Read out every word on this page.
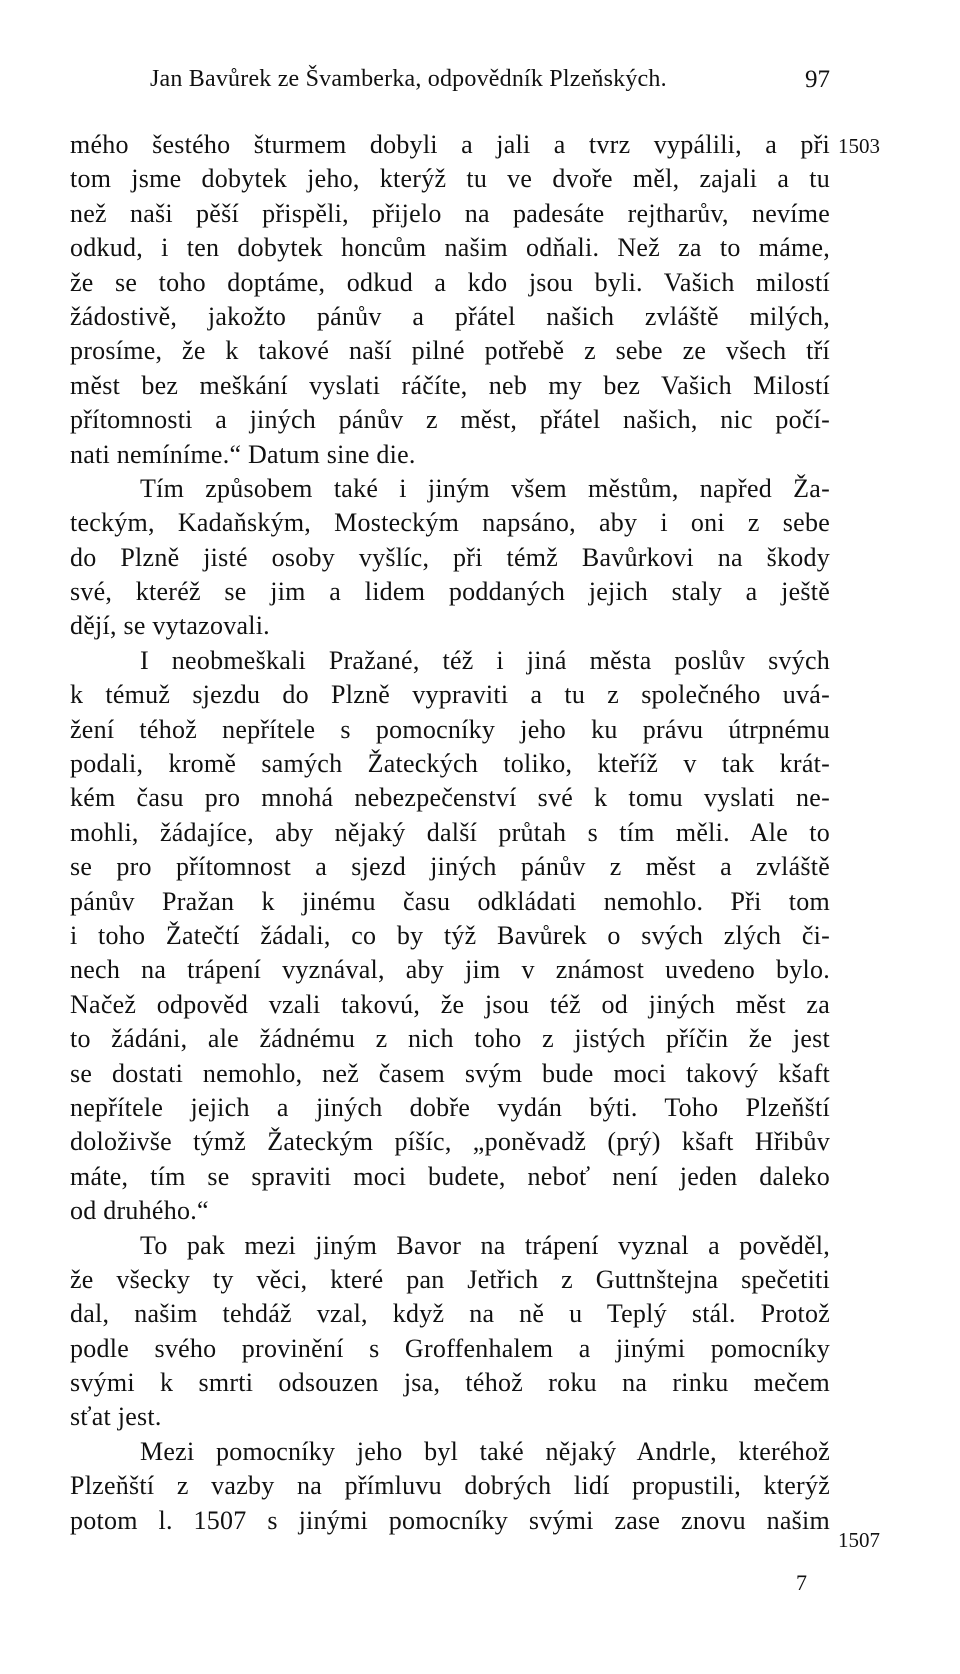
Jan Bavůrek ze Švamberka, odpovědník Plzeňských.	97
1503
mého šestého šturmem dobyli a jali a tvrz vypálili, a při
tom jsme dobytek jeho, kterýž tu ve dvoře měl, zajali a tu
než naši pěší přispěli, přijelo na padesáte rejtharův, nevíme
odkud, i ten dobytek honcům našim odňali. Než za to máme,
že se toho doptáme, odkud a kdo jsou byli. Vašich milostí
žádostivě, jakožto pánův a přátel našich zvláště milých,
prosíme, že k takové naší pilné potřebě z sebe ze všech tří
měst bez meškání vyslati ráčíte, neb my bez Vašich Milostí
přítomnosti a jiných pánův z měst, přátel našich, nic počí-
nati nemíníme.“ Datum sine die.
Tím způsobem také i jiným všem městům, napřed Ža-
teckým, Kadaňským, Mosteckým napsáno, aby i oni z sebe
do Plzně jisté osoby vyšlíc, při témž Bavůrkovi na škody
své, kteréž se jim a lidem poddaných jejich staly a ještě
dějí, se vytazovali.
I neobmeškali Pražané, též i jiná města poslův svých
k témuž sjezdu do Plzně vypraviti a tu z společného uvá-
žení téhož nepřítele s pomocníky jeho ku právu útrpnému
podali, kromě samých Žateckých toliko, kteříž v tak krát-
kém času pro mnohá nebezpečenství své k tomu vyslati ne-
mohli, žádajíce, aby nějaký další průtah s tím měli. Ale to
se pro přítomnost a sjezd jiných pánův z měst a zvláště
pánův Pražan k jinému času odkládati nemohlo. Při tom
i toho Žatečtí žádali, co by týž Bavůrek o svých zlých či-
nech na trápení vyznával, aby jim v známost uvedeno bylo.
Načež odpověd vzali takovú, že jsou též od jiných měst za
to žádáni, ale žádnému z nich toho z jistých příčin že jest
se dostati nemohlo, než časem svým bude moci takový kšaft
nepřítele jejich a jiných dobře vydán býti. Toho Plzeňští
doloživše týmž Žateckým píšíc, „poněvadž (prý) kšaft Hřibův
máte, tím se spraviti moci budete, neboť není jeden daleko
od druhého.“
To pak mezi jiným Bavor na trápení vyznal a pověděl,
že všecky ty věci, které pan Jetřich z Guttnštejna spečetiti
dal, našim tehdáž vzal, když na ně u Teplý stál. Protož
podle svého provinění s Groffenhalem a jinými pomocníky
svými k smrti odsouzen jsa, téhož roku na rinku mečem
sťat jest.
Mezi pomocníky jeho byl také nějaký Andrle, kteréhož
Plzeňští z vazby na přímluvu dobrých lidí propustili, kterýž
potom l. 1507 s jinými pomocníky svými zase znovu našim
1507
7
